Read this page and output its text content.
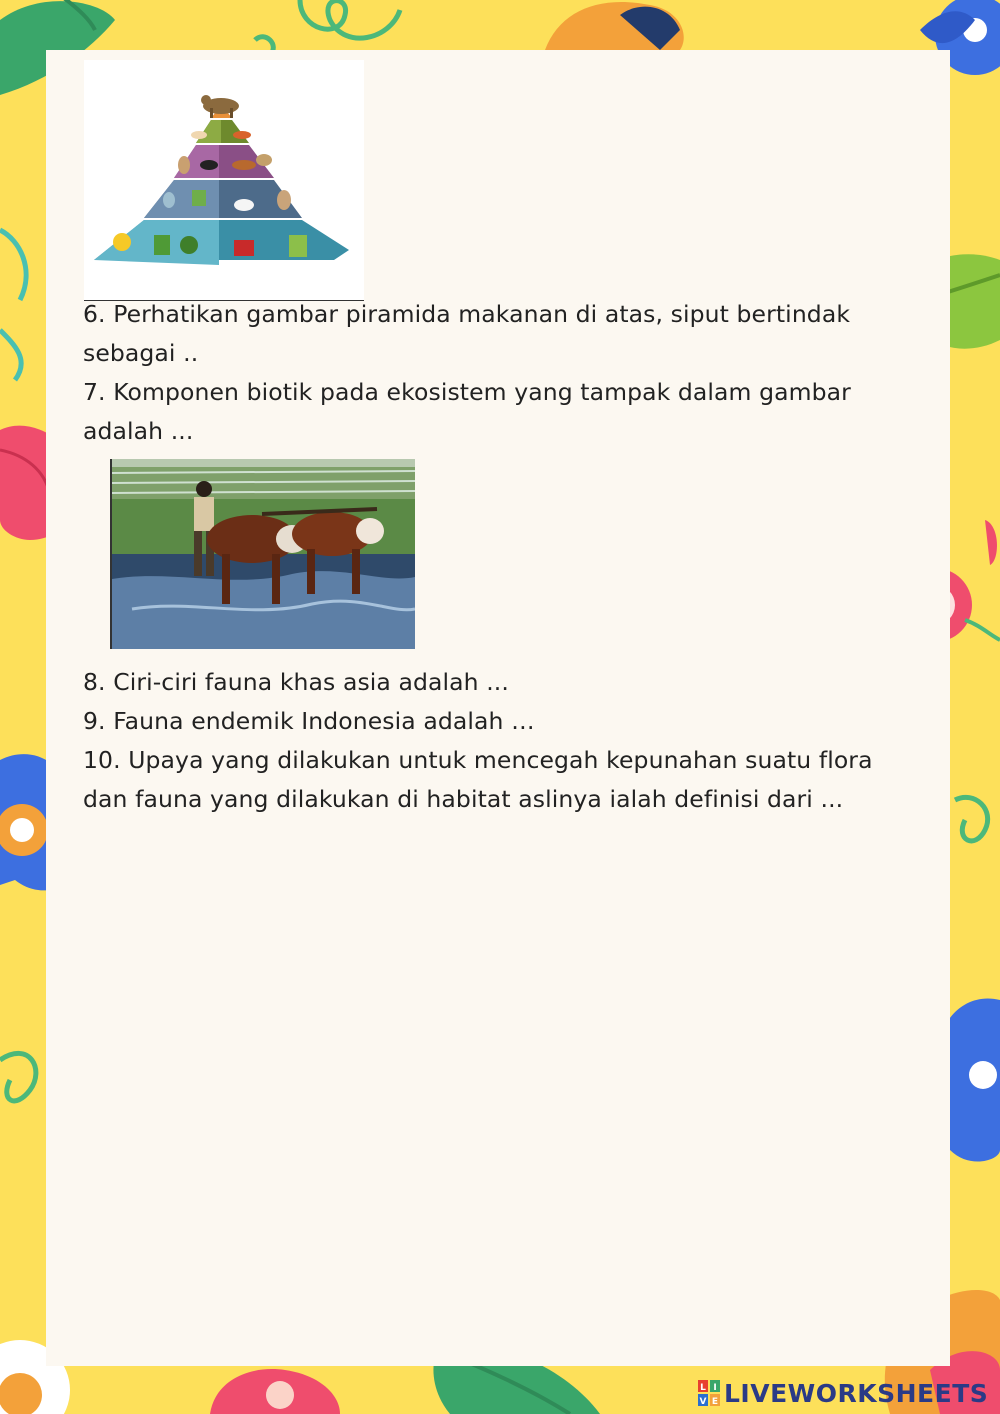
6. Perhatikan gambar piramida makanan di atas, siput bertindak
sebagai ..
7. Komponen biotik pada ekosistem yang tampak dalam gambar
adalah ...
8. Ciri-ciri fauna khas asia adalah ...
9. Fauna endemik Indonesia adalah …
10. Upaya yang dilakukan untuk mencegah kepunahan suatu flora
dan fauna yang dilakukan di habitat aslinya ialah definisi dari ...
L I
V E LIVEWORKSHEETS
